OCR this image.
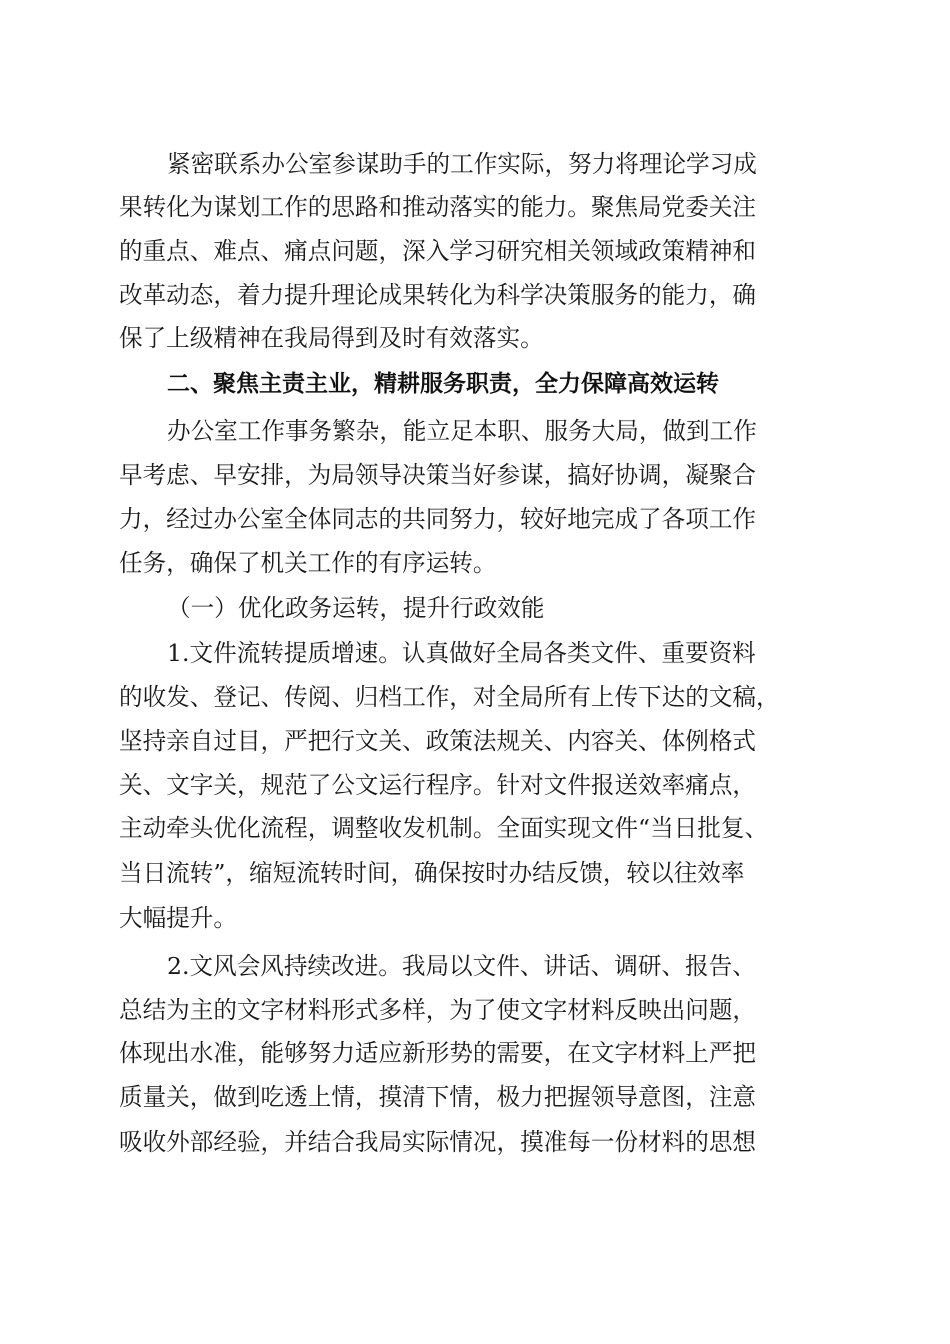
紧密联系办公室参谋助手的工作实际，努力将理论学习成
果转化为谋划工作的思路和推动落实的能力。聚焦局党委关注
的重点、难点、痛点问题，深入学习研究相关领域政策精神和
改革动态，着力提升理论成果转化为科学决策服务的能力，确
保了上级精神在我局得到及时有效落实。
二、聚焦主责主业，精耕服务职责，全力保障高效运转
办公室工作事务繁杂，能立足本职、服务大局，做到工作
早考虑、早安排，为局领导决策当好参谋，搞好协调，凝聚合
力，经过办公室全体同志的共同努力，较好地完成了各项工作
任务，确保了机关工作的有序运转。
（一）优化政务运转，提升行政效能
1.文件流转提质增速。认真做好全局各类文件、重要资料
的收发、登记、传阅、归档工作，对全局所有上传下达的文稿，
坚持亲自过目，严把行文关、政策法规关、内容关、体例格式
关、文字关，规范了公文运行程序。针对文件报送效率痛点，
主动牵头优化流程，调整收发机制。全面实现文件“当日批复、
当日流转”，缩短流转时间，确保按时办结反馈，较以往效率
大幅提升。
2.文风会风持续改进。我局以文件、讲话、调研、报告、
总结为主的文字材料形式多样，为了使文字材料反映出问题，
体现出水准，能够努力适应新形势的需要，在文字材料上严把
质量关，做到吃透上情，摸清下情，极力把握领导意图，注意
吸收外部经验，并结合我局实际情况，摸准每一份材料的思想
